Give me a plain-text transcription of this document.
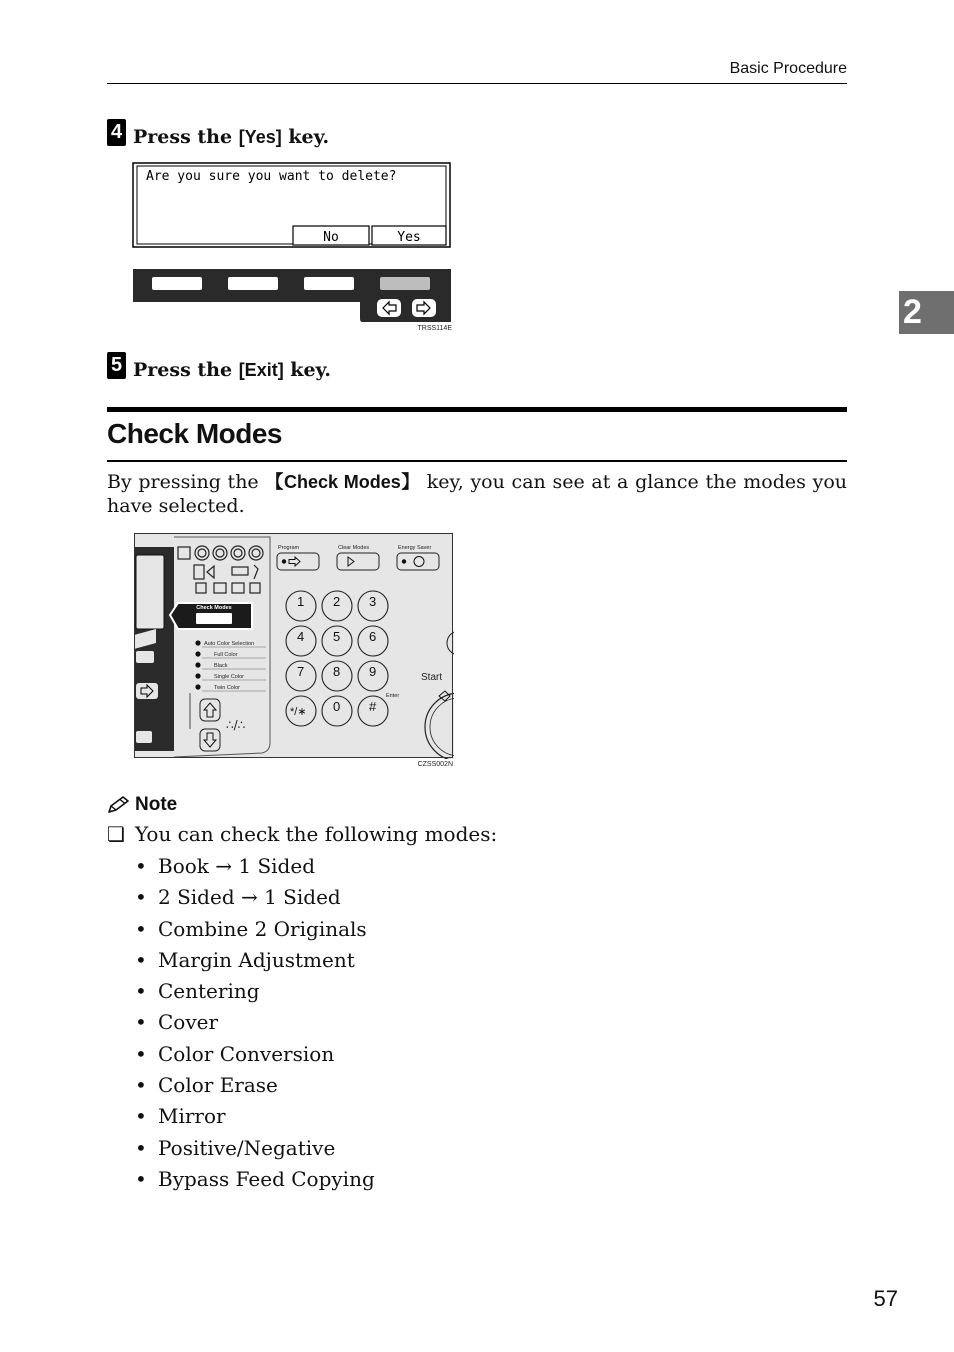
Basic Procedure
2
4 Press the [Yes] key.
Are you sure you want to delete?
No	Yes
TRSS114E
5 Press the [Exit] key.
Check Modes
By pressing the 【Check Modes】 key, you can see at a glance the modes you have selected.
Check Modes
Auto Color Selection
Full Color
Black
Single Color
Twin Color
∴/∴
Program	Clear Modes	Energy Saver
1 2 3
4 5 6
7 8 9
*/∗ 0 #
Enter
Start
CZSS002N
Note
❏ You can check the following modes:
• Book → 1 Sided
• 2 Sided → 1 Sided
• Combine 2 Originals
• Margin Adjustment
• Centering
• Cover
• Color Conversion
• Color Erase
• Mirror
• Positive/Negative
• Bypass Feed Copying
57
